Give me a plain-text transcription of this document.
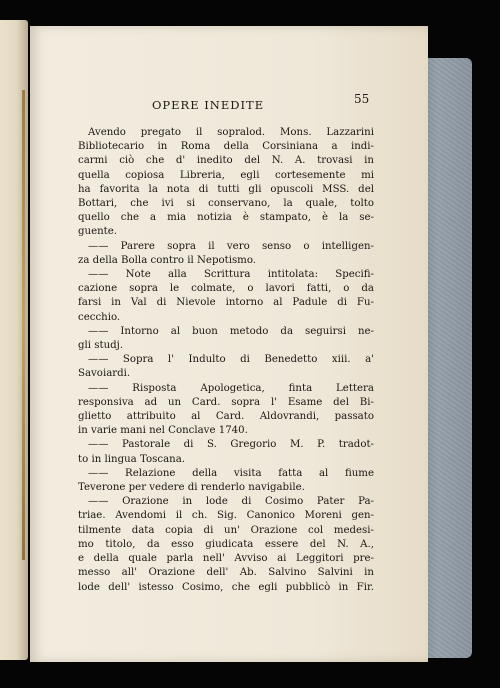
OPERE INEDITE	55
Avendo pregato il sopralod. Mons. Lazzarini
Bibliotecario in Roma della Corsiniana a indi-
carmi ciò che d' inedito del N. A. trovasi in
quella copiosa Libreria, egli cortesemente mi
ha favorita la nota di tutti gli opuscoli MSS. del
Bottari, che ivi si conservano, la quale, tolto
quello che a mia notizia è stampato, è la se-
guente.
—— Parere sopra il vero senso o intelligen-
za della Bolla contro il Nepotismo.
—— Note alla Scrittura intitolata: Specifi-
cazione sopra le colmate, o lavori fatti, o da
farsi in Val di Nievole intorno al Padule di Fu-
cecchio.
—— Intorno al buon metodo da seguirsi ne-
gli studj.
—— Sopra l' Indulto di Benedetto xiii. a'
Savoiardi.
—— Risposta Apologetica, finta Lettera
responsiva ad un Card. sopra l' Esame del Bi-
glietto attribuito al Card. Aldovrandi, passato
in varie mani nel Conclave 1740.
—— Pastorale di S. Gregorio M. P. tradot-
to in lingua Toscana.
—— Relazione della visita fatta al fiume
Teverone per vedere di renderlo navigabile.
—— Orazione in lode di Cosimo Pater Pa-
triae. Avendomi il ch. Sig. Canonico Moreni gen-
tilmente data copia di un' Orazione col medesi-
mo titolo, da esso giudicata essere del N. A.,
e della quale parla nell' Avviso ai Leggitori pre-
messo all' Orazione dell' Ab. Salvino Salvini in
lode dell' istesso Cosimo, che egli pubblicò in Fir.
